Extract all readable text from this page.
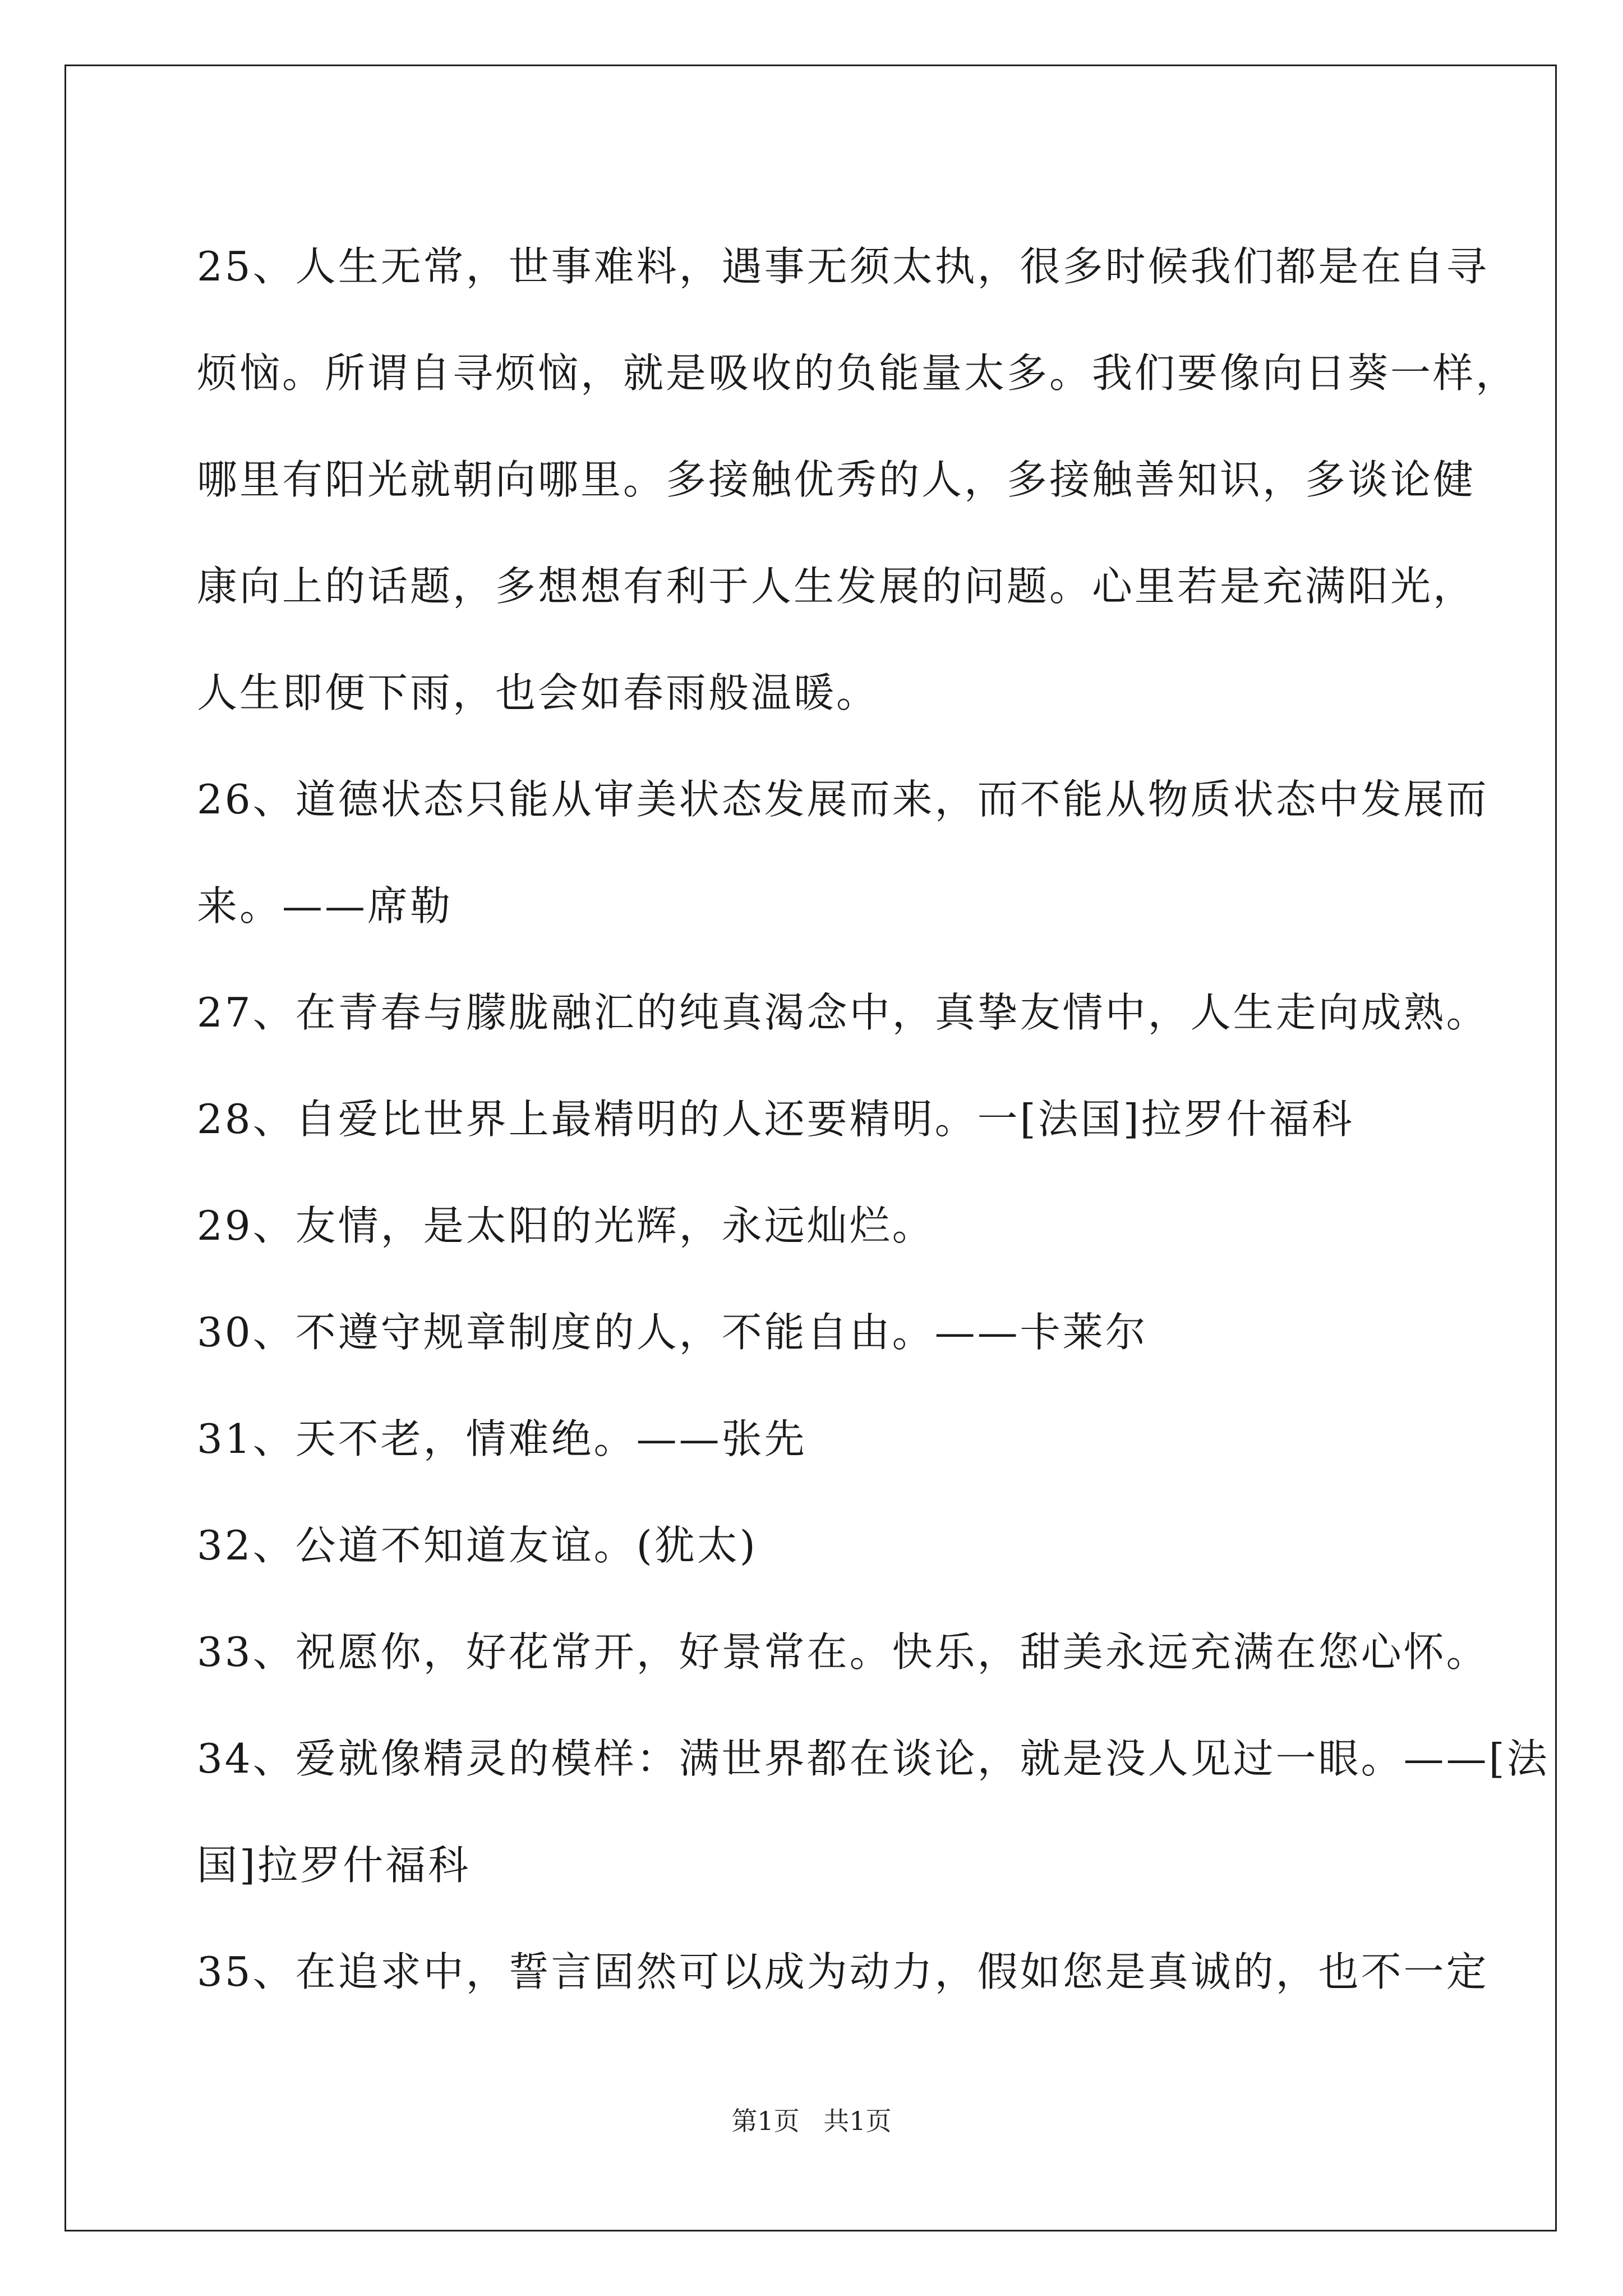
25、人生无常，世事难料，遇事无须太执，很多时候我们都是在自寻
烦恼。所谓自寻烦恼，就是吸收的负能量太多。我们要像向日葵一样，
哪里有阳光就朝向哪里。多接触优秀的人，多接触善知识，多谈论健
康向上的话题，多想想有利于人生发展的问题。心里若是充满阳光，
人生即便下雨，也会如春雨般温暖。
26、道德状态只能从审美状态发展而来，而不能从物质状态中发展而
来。——席勒
27、在青春与朦胧融汇的纯真渴念中，真挚友情中，人生走向成熟。
28、自爱比世界上最精明的人还要精明。一[法国]拉罗什福科
29、友情，是太阳的光辉，永远灿烂。
30、不遵守规章制度的人，不能自由。——卡莱尔
31、天不老，情难绝。——张先
32、公道不知道友谊。(犹太)
33、祝愿你，好花常开，好景常在。快乐，甜美永远充满在您心怀。
34、爱就像精灵的模样：满世界都在谈论，就是没人见过一眼。——[法
国]拉罗什福科
35、在追求中，誓言固然可以成为动力，假如您是真诚的，也不一定
第1页 共1页
